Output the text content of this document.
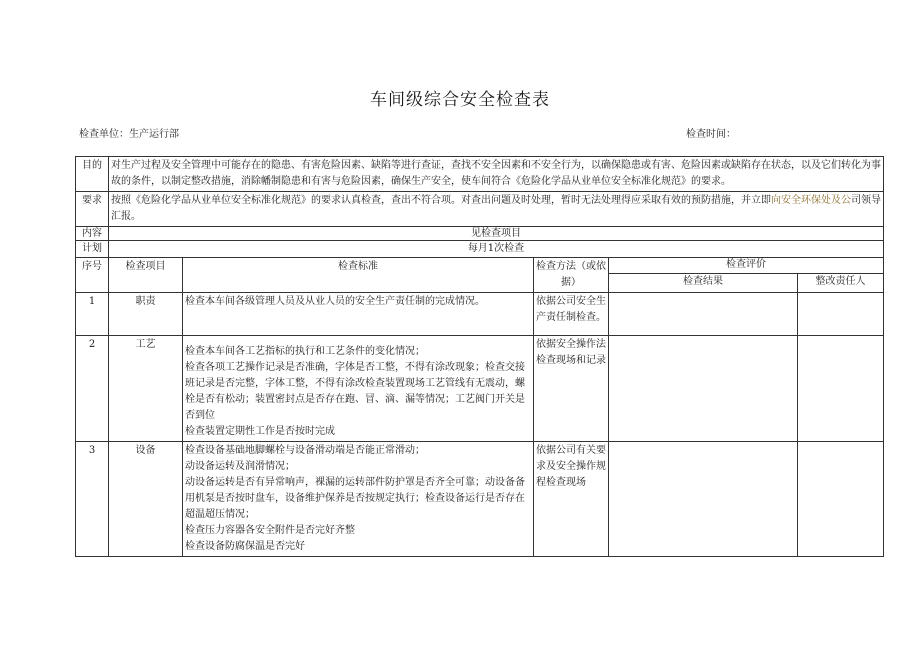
车间级综合安全检查表
检查单位：生产运行部	检查时间：
目的	对生产过程及安全管理中可能存在的隐患、有害危险因素、缺陷等进行查证，查找不安全因素和不安全行为，以确保隐患或有害、危险因素或缺陷存在状态，以及它们转化为事故的条件，以制定整改措施，消除幡制隐患和有害与危险因素，确保生产安全，使车间符合《危险化学品从业单位安全标准化规范》的要求。				
要求	按照《危险化学品从业单位安全标准化规范》的要求认真检查，查出不符合项。对查出问题及时处理，暂时无法处理得应采取有效的预防措施，并立即向安全环保处及公司领导汇报。				
内容	见检查项目				
计划	每月1次检查				
序号	检查项目	检查标准	检查方法（或依据）	检查评价	
				检查结果	整改责任人
1	职责	检查本车间各级管理人员及从业人员的安全生产责任制的完成情况。	依据公司安全生产责任制检查。		
2	工艺	检查本车间各工艺指标的执行和工艺条件的变化情况；
检查各项工艺操作记录是否准确，字体是否工整，不得有涂改现象；检查交接班记录是否完整，字体工整，不得有涂改检查装置现场工艺管线有无震动，螺栓是否有松动；装置密封点是否存在跑、冒、滴、漏等情况；工艺阀门开关是否到位
检查装置定期性工作是否按时完成	依据安全操作法检查现场和记录		
3	设备	检查设备基础地脚螺栓与设备滑动端是否能正常滑动；
动设备运转及润滑情况；
动设备运转是否有异常响声，裸漏的运转部件防护罩是否齐全可靠；动设备备用机泵是否按时盘车，设备维护保养是否按规定执行；检查设备运行是否存在超温超压情况；
检查压力容器各安全附件是否完好齐整
检查设备防腐保温是否完好	依据公司有关要求及安全操作规程检查现场		
